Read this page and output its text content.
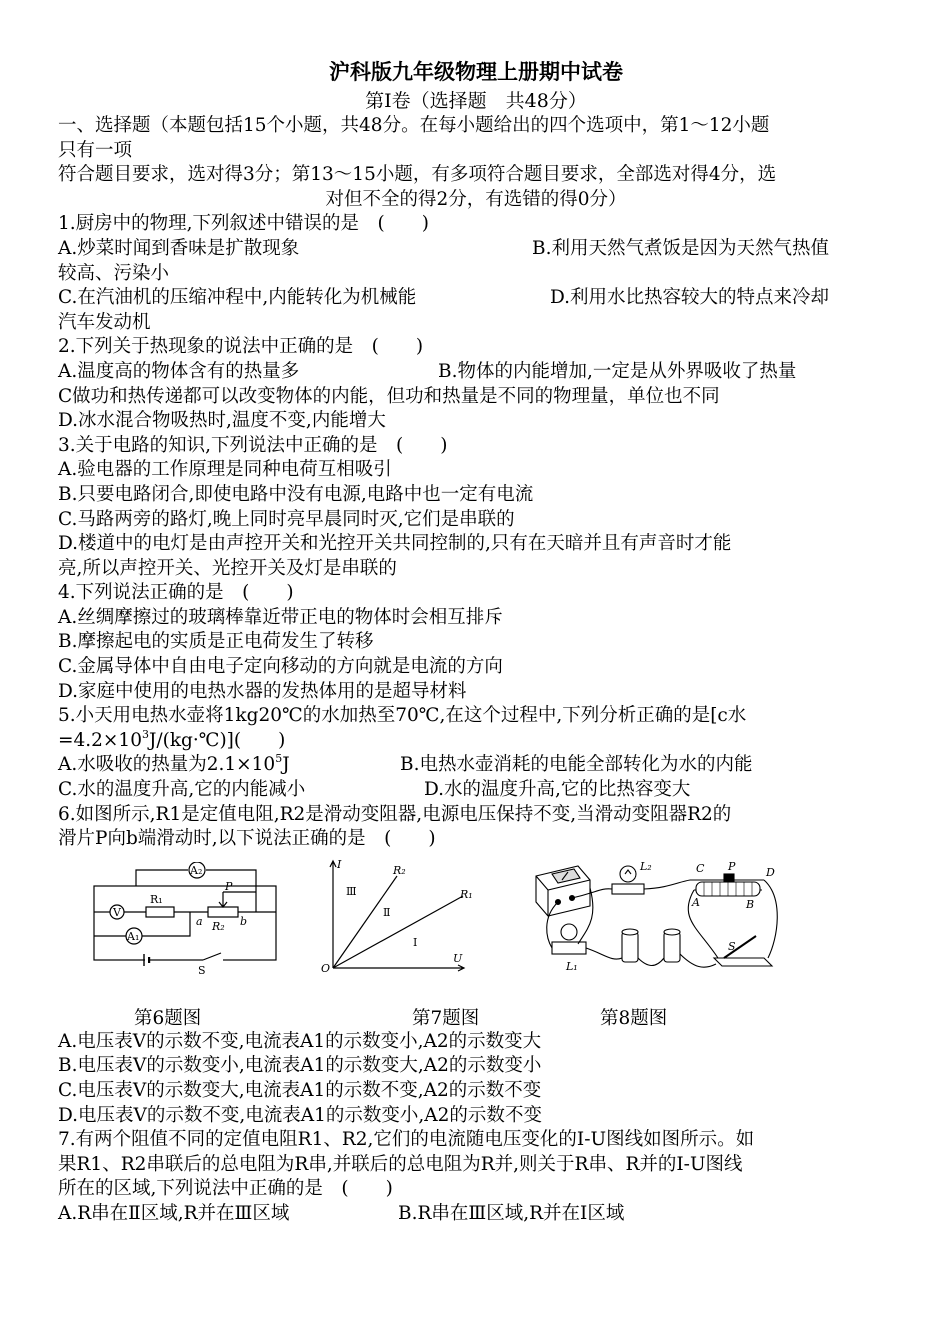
沪科版九年级物理上册期中试卷
第Ⅰ卷（选择题　共48分）
一、选择题（本题包括15个小题，共48分。在每小题给出的四个选项中，第1～12小题
只有一项
符合题目要求，选对得3分；第13～15小题，有多项符合题目要求，全部选对得4分，选
对但不全的得2分，有选错的得0分）
1.厨房中的物理,下列叙述中错误的是　(　　)
A.炒菜时闻到香味是扩散现象	B.利用天然气煮饭是因为天然气热值
较高、污染小
C.在汽油机的压缩冲程中,内能转化为机械能	D.利用水比热容较大的特点来冷却
汽车发动机
2.下列关于热现象的说法中正确的是　(　　)
A.温度高的物体含有的热量多	B.物体的内能增加,一定是从外界吸收了热量
C做功和热传递都可以改变物体的内能，但功和热量是不同的物理量，单位也不同
D.冰水混合物吸热时,温度不变,内能增大
3.关于电路的知识,下列说法中正确的是　(　　)
A.验电器的工作原理是同种电荷互相吸引
B.只要电路闭合,即使电路中没有电源,电路中也一定有电流
C.马路两旁的路灯,晚上同时亮早晨同时灭,它们是串联的
D.楼道中的电灯是由声控开关和光控开关共同控制的,只有在天暗并且有声音时才能
亮,所以声控开关、光控开关及灯是串联的
4.下列说法正确的是　(　　)
A.丝绸摩擦过的玻璃棒靠近带正电的物体时会相互排斥
B.摩擦起电的实质是正电荷发生了转移
C.金属导体中自由电子定向移动的方向就是电流的方向
D.家庭中使用的电热水器的发热体用的是超导材料
5.小天用电热水壶将1kg20℃的水加热至70℃,在这个过程中,下列分析正确的是[c水
$=4.2\times 10^3J/(kg\cdot℃)$](　　)
A.水吸收的热量为$2.1\times 10^5J$	B.电热水壶消耗的电能全部转化为水的内能
C.水的温度升高,它的内能减小	D.水的温度升高,它的比热容变大
6.如图所示,R1是定值电阻,R2是滑动变阻器,电源电压保持不变,当滑动变阻器R2的
滑片P向b端滑动时,以下说法正确的是　(　　)
A₂
V
R₁
P
a R₂ b
A₁
S
I
O
U
R₂
R₁
Ⅲ
Ⅱ
Ⅰ
L₂	C P	D
A	B
L₁
S
第6题图	第7题图	第8题图
A.电压表V的示数不变,电流表A1的示数变小,A2的示数变大
B.电压表V的示数变小,电流表A1的示数变大,A2的示数变小
C.电压表V的示数变大,电流表A1的示数不变,A2的示数不变
D.电压表V的示数不变,电流表A1的示数变小,A2的示数不变
7.有两个阻值不同的定值电阻R1、R2,它们的电流随电压变化的I-U图线如图所示。如
果R1、R2串联后的总电阻为R串,并联后的总电阻为R并,则关于R串、R并的I-U图线
所在的区域,下列说法中正确的是　(　　)
A.R串在Ⅱ区域,R并在Ⅲ区域	B.R串在Ⅲ区域,R并在Ⅰ区域
